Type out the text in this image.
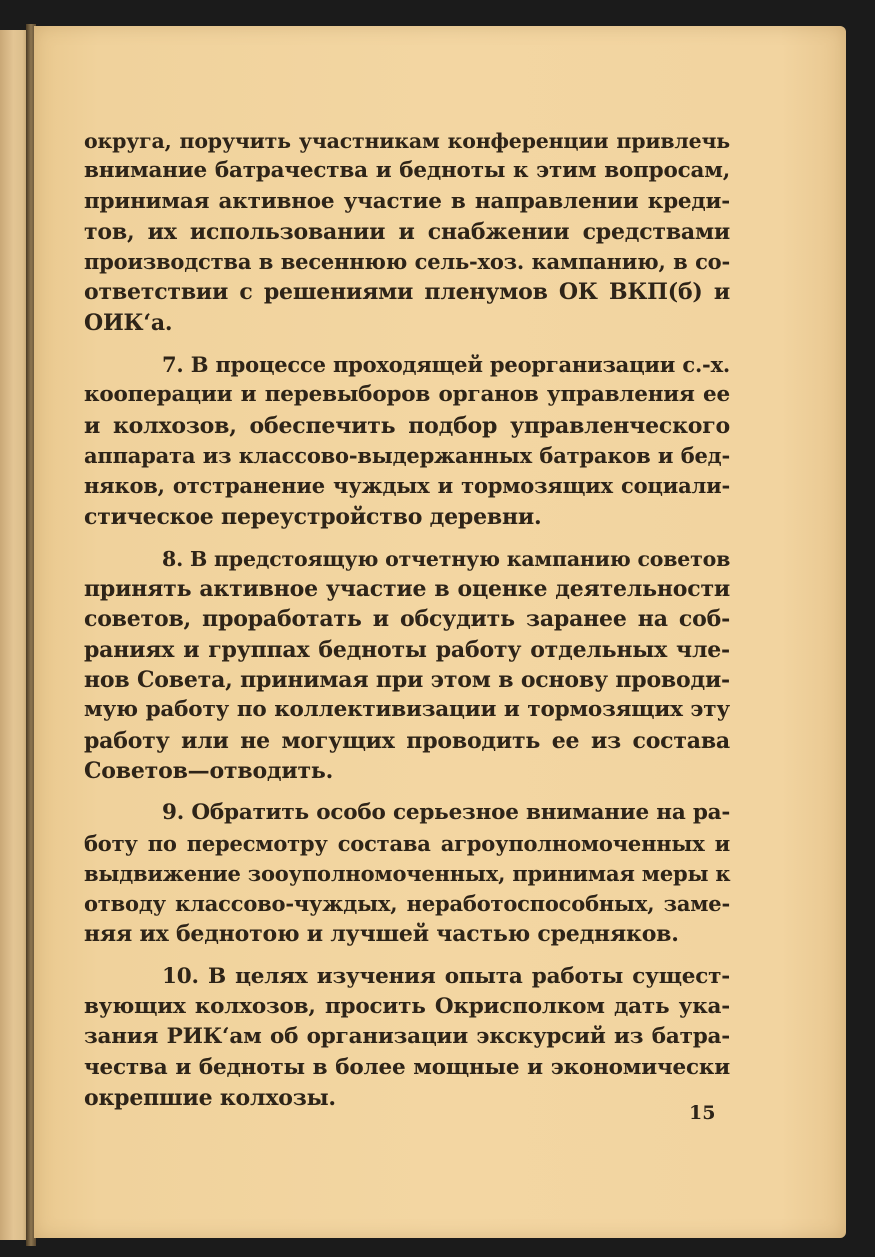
округа, поручить участникам конференции привлечь
внимание батрачества и бедноты к этим вопросам,
принимая активное участие в направлении креди-
тов, их использовании и снабжении средствами
производства в весеннюю сель-хоз. кампанию, в со-
ответствии с решениями пленумов ОК ВКП(б) и
ОИК‘а.
7. В процессе проходящей реорганизации с.-х.
кооперации и перевыборов органов управления ее
и колхозов, обеспечить подбор управленческого
аппарата из классово-выдержанных батраков и бед-
няков, отстранение чуждых и тормозящих социали-
стическое переустройство деревни.
8. В предстоящую отчетную кампанию советов
принять активное участие в оценке деятельности
советов, проработать и обсудить заранее на соб-
раниях и группах бедноты работу отдельных чле-
нов Совета, принимая при этом в основу проводи-
мую работу по коллективизации и тормозящих эту
работу или не могущих проводить ее из состава
Советов—отводить.
9. Обратить особо серьезное внимание на ра-
боту по пересмотру состава агроуполномоченных и
выдвижение зооуполномоченных, принимая меры к
отводу классово-чуждых, неработоспособных, заме-
няя их беднотою и лучшей частью средняков.
10. В целях изучения опыта работы сущест-
вующих колхозов, просить Окрисполком дать ука-
зания РИК‘ам об организации экскурсий из батра-
чества и бедноты в более мощные и экономически
окрепшие колхозы.
15
